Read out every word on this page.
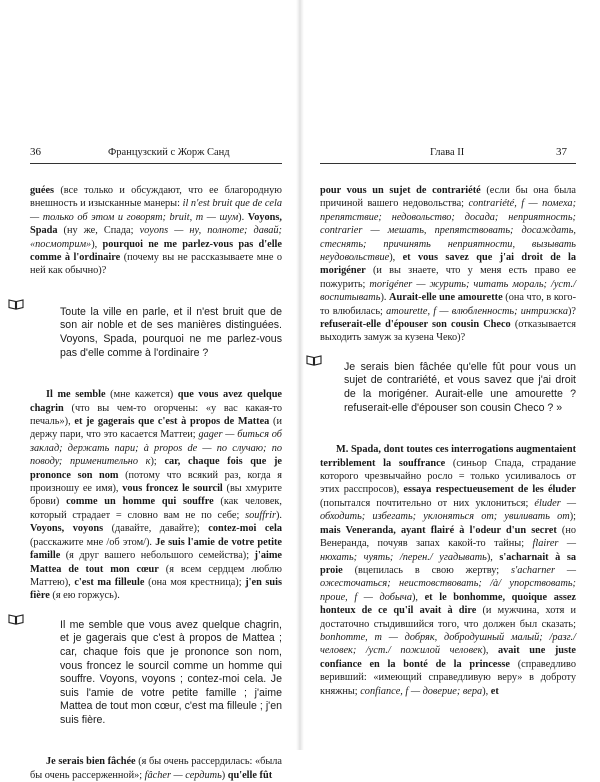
36	Французский с Жорж Санд

guées (все только и обсуждают, что ее благородную внешность и изысканные манеры: il n'est bruit que de cela — только об этом и говорят; bruit, m — шум). Voyons, Spada (ну же, Спада; voyons — ну, полноте; давай; «посмотрим»), pourquoi ne me parlez-vous pas d'elle comme à l'ordinaire (почему вы не рассказываете мне о ней как обычно)?

Toute la ville en parle, et il n'est bruit que de son air noble et de ses manières distinguées. Voyons, Spada, pourquoi ne me parlez-vous pas d'elle comme à l'ordinaire ?

Il me semble (мне кажется) que vous avez quelque chagrin (что вы чем-то огорчены: «у вас какая-то печаль»), et je gagerais que c'est à propos de Mattea (и держу пари, что это касается Маттеи; gager — биться об заклад; держать пари; à propos de — по случаю; по поводу; применительно к); car, chaque fois que je prononce son nom (потому что всякий раз, когда я произношу ее имя), vous froncez le sourcil (вы хмурите брови) comme un homme qui souffre (как человек, который страдает = словно вам не по себе; souffrir). Voyons, voyons (давайте, давайте); contez-moi cela (расскажите мне /об этом/). Je suis l'amie de votre petite famille (я друг вашего небольшого семейства); j'aime Mattea de tout mon cœur (я всем сердцем люблю Маттею), c'est ma filleule (она моя крестница); j'en suis fière (я ею горжусь).

Il me semble que vous avez quelque chagrin, et je gagerais que c'est à propos de Mattea ; car, chaque fois que je prononce son nom, vous froncez le sourcil comme un homme qui souffre. Voyons, voyons ; contez-moi cela. Je suis l'amie de votre petite famille ; j'aime Mattea de tout mon cœur, c'est ma filleule ; j'en suis fière.

Je serais bien fâchée (я бы очень рассердилась: «была бы очень рассерженной»; fâcher — сердить) qu'elle fût

Глава II	37

pour vous un sujet de contrariété (если бы она была причиной вашего недовольства; contrariété, f — помеха; препятствие; недовольство; досада; неприятность; contrarier — мешать, препятствовать; досаждать, стеснять; причинять неприятности, вызывать неудовольствие), et vous savez que j'ai droit de la morigéner (и вы знаете, что у меня есть право ее пожурить; morigéner — журить; читать мораль; /уст./ воспитывать). Aurait-elle une amourette (она что, в кого-то влюбилась; amourette, f — влюбленность; интрижка)? refuserait-elle d'épouser son cousin Checo (отказывается выходить замуж за кузена Чеко)?

Je serais bien fâchée qu'elle fût pour vous un sujet de contrariété, et vous savez que j'ai droit de la morigéner. Aurait-elle une amourette ? refuserait-elle d'épouser son cousin Checo ? »

M. Spada, dont toutes ces interrogations augmentaient terriblement la souffrance (синьор Спада, страдание которого чрезвычайно росло = только усиливалось от этих расспросов), essaya respectueusement de les éluder (попытался почтительно от них уклониться; éluder — обходить; избегать; уклоняться от; увиливать от); mais Veneranda, ayant flairé à l'odeur d'un secret (но Венеранда, почуяв запах какой-то тайны; flairer — нюхать; чуять; /перен./ угадывать), s'acharnait à sa proie (вцепилась в свою жертву; s'acharner — ожесточаться; неистовствовать; /à/ упорствовать; проие, f — добыча), et le bonhomme, quoique assez honteux de ce qu'il avait à dire (и мужчина, хотя и достаточно стыдившийся того, что должен был сказать; bonhomme, m — добряк, добродушный малый; /разг./ человек; /уст./ пожилой человек), avait une juste confiance en la bonté de la princesse (справедливо веривший: «имеющий справедливую веру» в доброту княжны; confiance, f — доверие; вера), et
